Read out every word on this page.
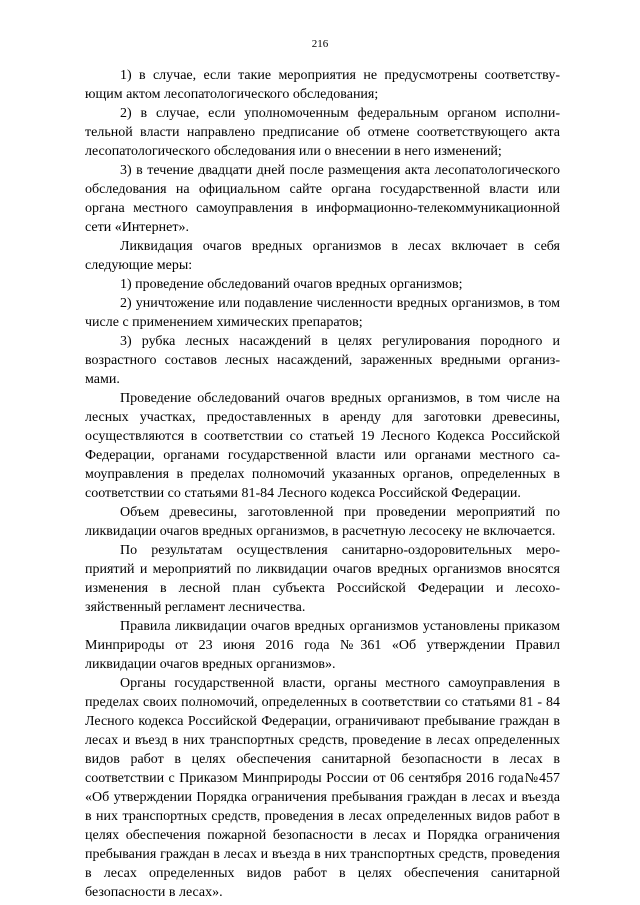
216

1) в случае, если такие мероприятия не предусмотрены соответствующим актом лесопатологического обследования;

2) в случае, если уполномоченным федеральным органом исполнительной власти направлено предписание об отмене соответствующего акта лесопатологического обследования или о внесении в него изменений;

3) в течение двадцати дней после размещения акта лесопатологического обследования на официальном сайте органа государственной власти или органа местного самоуправления в информационно-телекоммуникационной сети «Интернет».

Ликвидация очагов вредных организмов в лесах включает в себя следующие меры:

1) проведение обследований очагов вредных организмов;

2) уничтожение или подавление численности вредных организмов, в том числе с применением химических препаратов;

3) рубка лесных насаждений в целях регулирования породного и возрастного составов лесных насаждений, зараженных вредными организмами.

Проведение обследований очагов вредных организмов, в том числе на лесных участках, предоставленных в аренду для заготовки древесины, осуществляются в соответствии со статьей 19 Лесного Кодекса Российской Федерации, органами государственной власти или органами местного самоуправления в пределах полномочий указанных органов, определенных в соответствии со статьями 81-84 Лесного кодекса Российской Федерации.

Объем древесины, заготовленной при проведении мероприятий по ликвидации очагов вредных организмов, в расчетную лесосеку не включается.

По результатам осуществления санитарно-оздоровительных мероприятий и мероприятий по ликвидации очагов вредных организмов вносятся изменения в лесной план субъекта Российской Федерации и лесохозяйственный регламент лесничества.

Правила ликвидации очагов вредных организмов установлены приказом Минприроды от 23 июня 2016 года №361 «Об утверждении Правил ликвидации очагов вредных организмов».

Органы государственной власти, органы местного самоуправления в пределах своих полномочий, определенных в соответствии со статьями 81 - 84 Лесного кодекса Российской Федерации, ограничивают пребывание граждан в лесах и въезд в них транспортных средств, проведение в лесах определенных видов работ в целях обеспечения санитарной безопасности в лесах в соответствии с Приказом Минприроды России от 06 сентября 2016 года№457 «Об утверждении Порядка ограничения пребывания граждан в лесах и въезда в них транспортных средств, проведения в лесах определенных видов работ в целях обеспечения пожарной безопасности в лесах и Порядка ограничения пребывания граждан в лесах и въезда в них транспортных средств, проведения в лесах определенных видов работ в целях обеспечения санитарной безопасности в лесах».
